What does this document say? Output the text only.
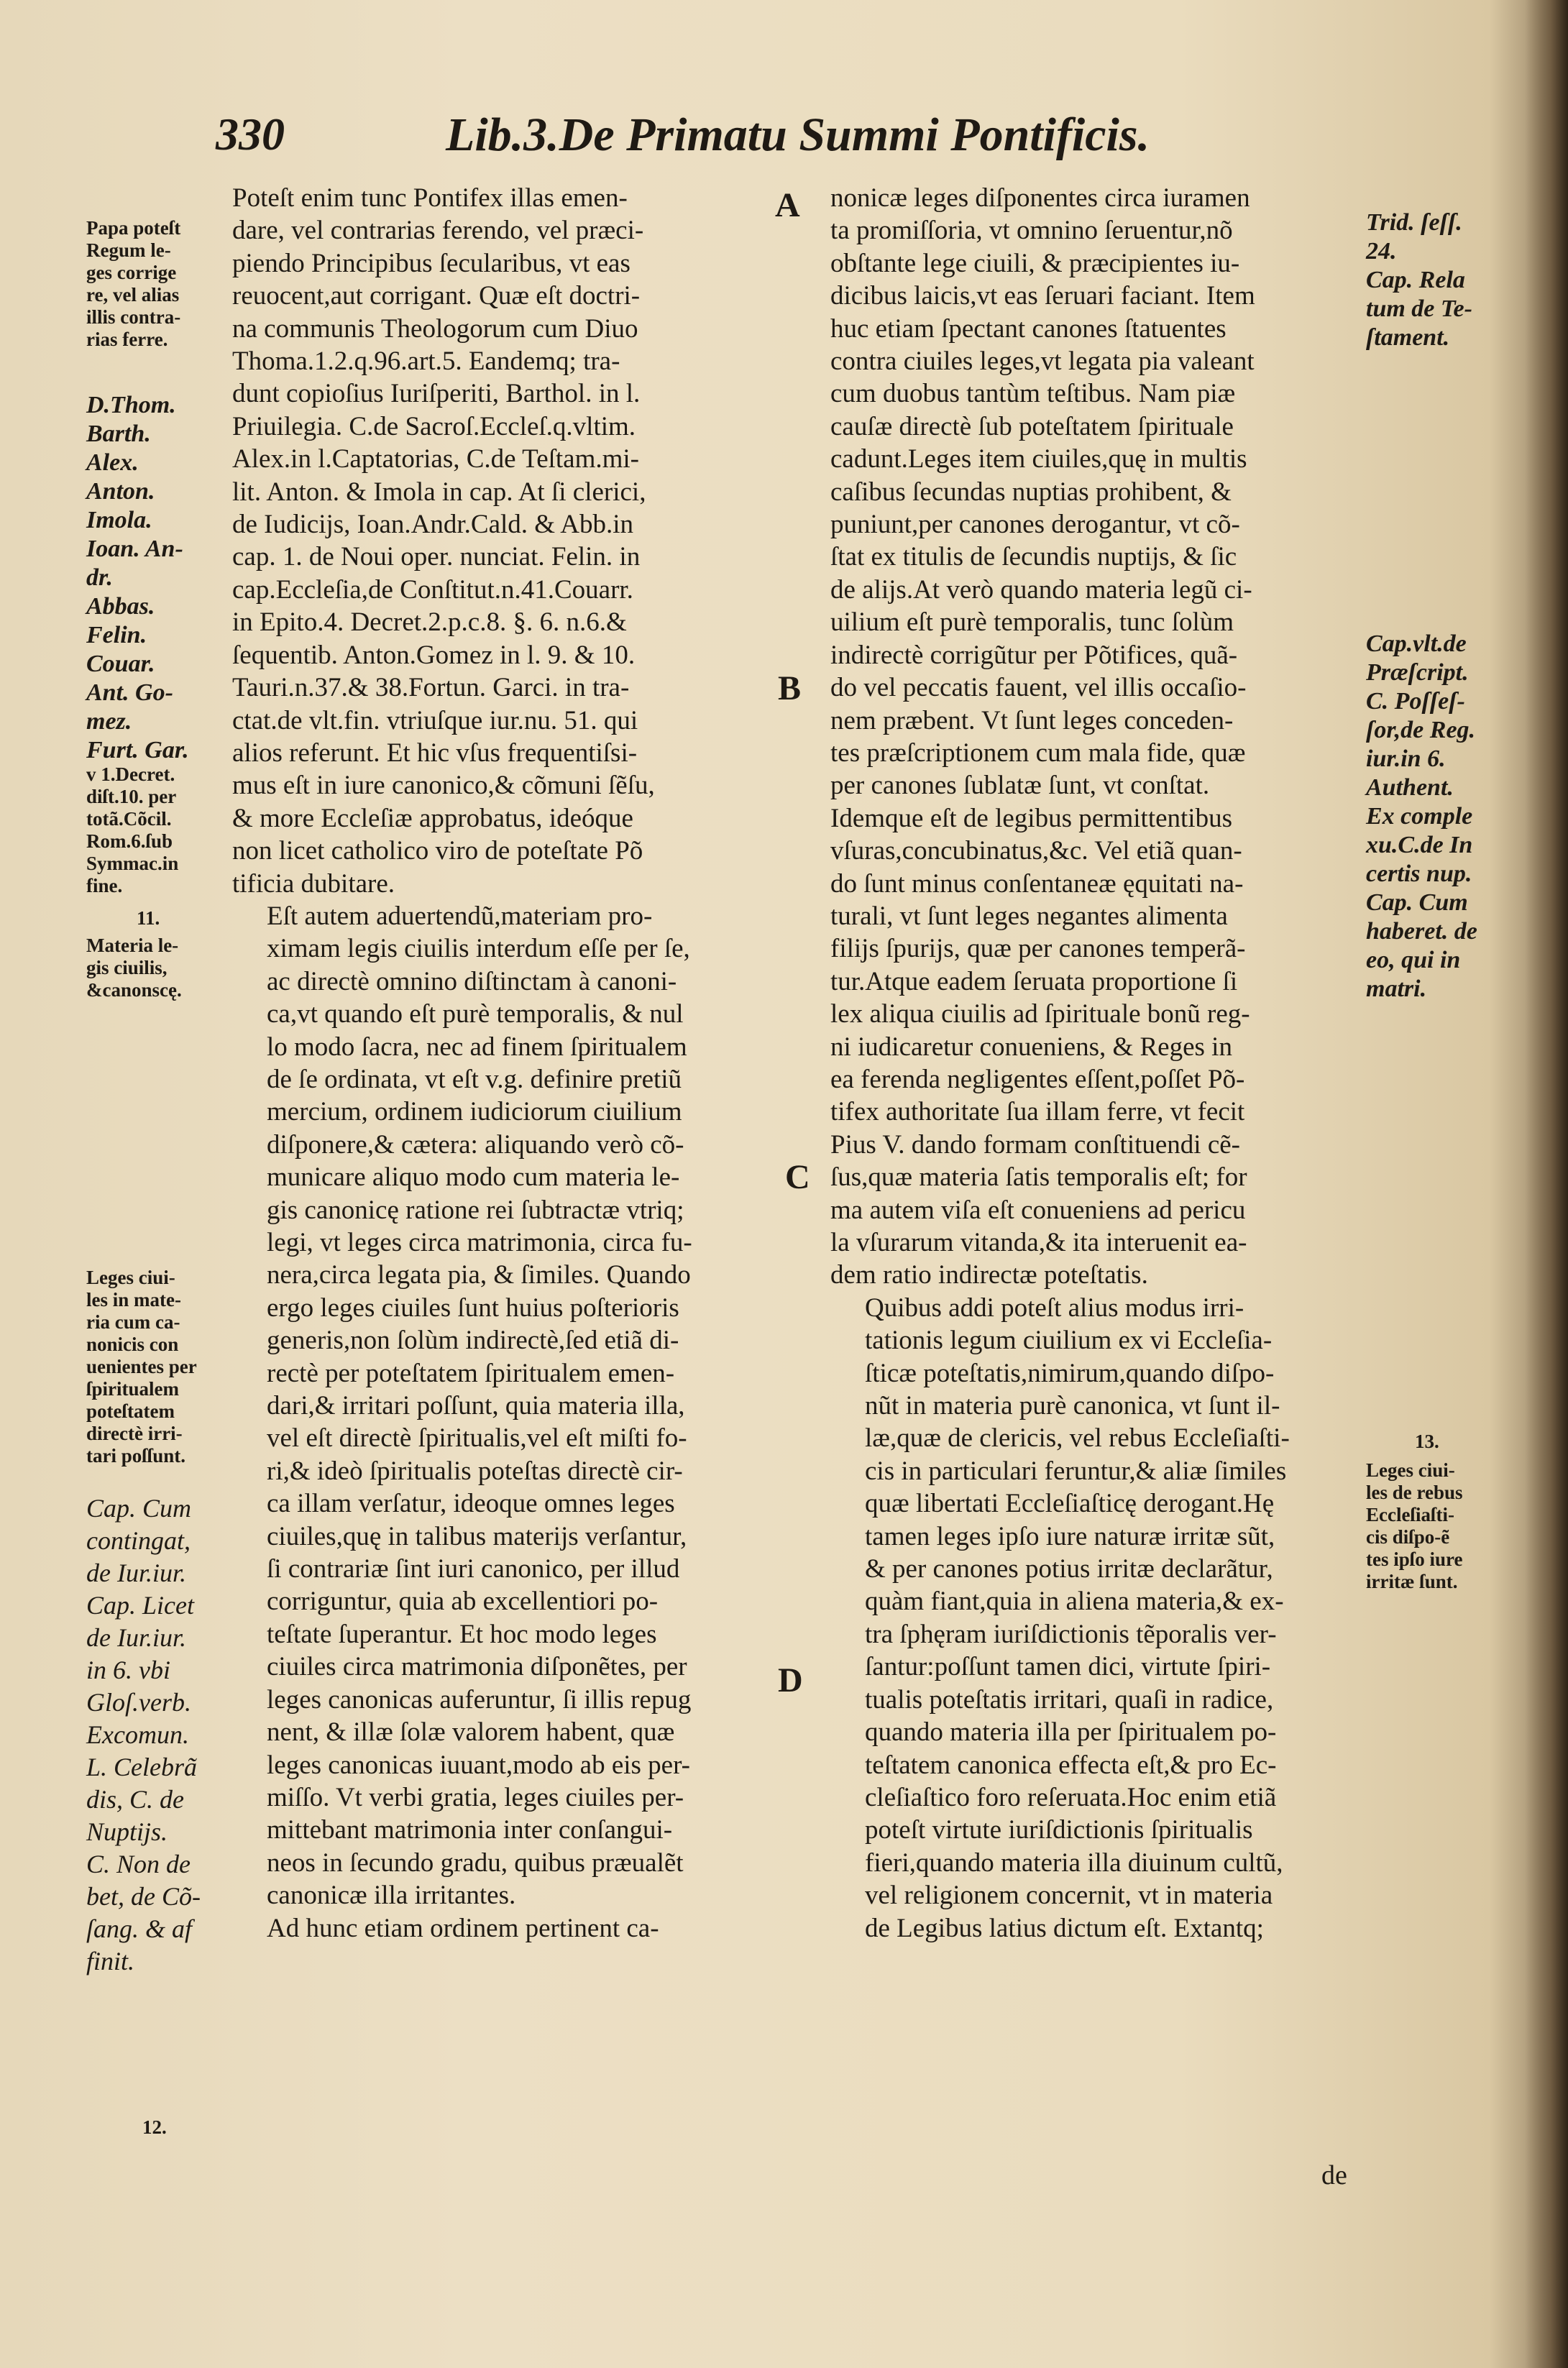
330	Lib.3.De Primatu Summi Pontificis.
A
B
C
D

Poteſt enim tunc Pontifex illas emen-
dare, vel contrarias ferendo, vel præci-
piendo Principibus ſecularibus, vt eas
reuocent,aut corrigant. Quæ eſt doctri-
na communis Theologorum cum Diuo
Thoma.1.2.q.96.art.5. Eandemq; tra-
dunt copioſius Iuriſperiti, Barthol. in l.
Priuilegia. C.de Sacroſ.Eccleſ.q.vltim.
Alex.in l.Captatorias, C.de Teſtam.mi-
lit. Anton. & Imola in cap. At ſi clerici,
de Iudicijs, Ioan.Andr.Cald. & Abb.in
cap. 1. de Noui oper. nunciat. Felin. in
cap.Eccleſia,de Conſtitut.n.41.Couarr.
in Epito.4. Decret.2.p.c.8. §. 6. n.6.&
ſequentib. Anton.Gomez in l. 9. & 10.
Tauri.n.37.& 38.Fortun. Garci. in tra-
ctat.de vlt.fin. vtriuſque iur.nu. 51. qui
alios referunt. Et hic vſus frequentiſsi-
mus eſt in iure canonico,& cõmuni ſẽſu,
& more Eccleſiæ approbatus, ideóque
non licet catholico viro de poteſtate Põ
tificia dubitare.

Eſt autem aduertendũ,materiam pro-
ximam legis ciuilis interdum eſſe per ſe,
ac directè omnino diſtinctam à canoni-
ca,vt quando eſt purè temporalis, & nul
lo modo ſacra, nec ad finem ſpiritualem
de ſe ordinata, vt eſt v.g. definire pretiũ
mercium, ordinem iudiciorum ciuilium
diſponere,& cætera: aliquando verò cõ-
municare aliquo modo cum materia le-
gis canonicę ratione rei ſubtractæ vtriq;
legi, vt leges circa matrimonia, circa fu-
nera,circa legata pia, & ſimiles. Quando
ergo leges ciuiles ſunt huius poſterioris
generis,non ſolùm indirectè,ſed etiã di-
rectè per poteſtatem ſpiritualem emen-
dari,& irritari poſſunt, quia materia illa,
vel eſt directè ſpiritualis,vel eſt miſti fo-
ri,& ideò ſpiritualis poteſtas directè cir-
ca illam verſatur, ideoque omnes leges
ciuiles,quę in talibus materijs verſantur,
ſi contrariæ ſint iuri canonico, per illud
corriguntur, quia ab excellentiori po-
teſtate ſuperantur. Et hoc modo leges
ciuiles circa matrimonia diſponẽtes, per
leges canonicas auferuntur, ſi illis repug
nent, & illæ ſolæ valorem habent, quæ
leges canonicas iuuant,modo ab eis per-
miſſo. Vt verbi gratia, leges ciuiles per-
mittebant matrimonia inter conſangui-
neos in ſecundo gradu, quibus præualẽt
canonicæ illa irritantes.

Ad hunc etiam ordinem pertinent ca-

nonicæ leges diſponentes circa iuramen
ta promiſſoria, vt omnino ſeruentur,nõ
obſtante lege ciuili, & præcipientes iu-
dicibus laicis,vt eas ſeruari faciant. Item
huc etiam ſpectant canones ſtatuentes
contra ciuiles leges,vt legata pia valeant
cum duobus tantùm teſtibus. Nam piæ
cauſæ directè ſub poteſtatem ſpirituale
cadunt.Leges item ciuiles,quę in multis
caſibus ſecundas nuptias prohibent, &
puniunt,per canones derogantur, vt cõ-
ſtat ex titulis de ſecundis nuptijs, & ſic
de alijs.At verò quando materia legũ ci-
uilium eſt purè temporalis, tunc ſolùm
indirectè corrigũtur per Põtifices, quã-
do vel peccatis fauent, vel illis occaſio-
nem præbent. Vt ſunt leges conceden-
tes præſcriptionem cum mala fide, quæ
per canones ſublatæ ſunt, vt conſtat.
Idemque eſt de legibus permittentibus
vſuras,concubinatus,&c. Vel etiã quan-
do ſunt minus conſentaneæ ęquitati na-
turali, vt ſunt leges negantes alimenta
filijs ſpurijs, quæ per canones temperã-
tur.Atque eadem ſeruata proportione ſi
lex aliqua ciuilis ad ſpirituale bonũ reg-
ni iudicaretur conueniens, & Reges in
ea ferenda negligentes eſſent,poſſet Põ-
tifex authoritate ſua illam ferre, vt fecit
Pius V. dando formam conſtituendi cẽ-
ſus,quæ materia ſatis temporalis eſt; for
ma autem viſa eſt conueniens ad pericu
la vſurarum vitanda,& ita interuenit ea-
dem ratio indirectæ poteſtatis.

Quibus addi poteſt alius modus irri-
tationis legum ciuilium ex vi Eccleſia-
ſticæ poteſtatis,nimirum,quando diſpo-
nũt in materia purè canonica, vt ſunt il-
læ,quæ de clericis, vel rebus Eccleſiaſti-
cis in particulari feruntur,& aliæ ſimiles
quæ libertati Eccleſiaſticę derogant.Hę
tamen leges ipſo iure naturæ irritæ sũt,
& per canones potius irritæ declarãtur,
quàm fiant,quia in aliena materia,& ex-
tra ſphęram iuriſdictionis tẽporalis ver-
ſantur:poſſunt tamen dici, virtute ſpiri-
tualis poteſtatis irritari, quaſi in radice,
quando materia illa per ſpiritualem po-
teſtatem canonica effecta eſt,& pro Ec-
cleſiaſtico foro reſeruata.Hoc enim etiã
poteſt virtute iuriſdictionis ſpiritualis
fieri,quando materia illa diuinum cultũ,
vel religionem concernit, vt in materia
de Legibus latius dictum eſt. Extantq;

de
Papa poteſt
Regum le-
ges corrige
re, vel alias
illis contra-
rias ferre.
D.Thom.
Barth.
Alex.
Anton.
Imola.
Ioan. An-
dr.
Abbas.
Felin.
Couar.
Ant. Go-
mez.
Furt. Gar.
v 1.Decret.
diſt.10. per
totã.Cõcil.
Rom.6.ſub
Symmac.in
fine.
11.
Materia le-
gis ciuilis,
&canonscę.
Leges ciui-
les in mate-
ria cum ca-
nonicis con
uenientes per
ſpiritualem
poteſtatem
directè irri-
tari poſſunt.
Cap. Cum
contingat,
de Iur.iur.
Cap. Licet
de Iur.iur.
in 6. vbi
Gloſ.verb.
Excomun.
L. Celebrã
dis, C. de
Nuptijs.
C. Non de
bet, de Cõ-
ſang. & af
finit.
12.
Trid. ſeſſ.
24.
Cap. Rela
tum de Te-
ſtament.
Cap.vlt.de
Præſcript.
C. Poſſeſ-
ſor,de Reg.
iur.in 6.
Authent.
Ex comple
xu.C.de In
certis nup.
Cap. Cum
haberet. de
eo, qui in
matri.
13.
Leges ciui-
les de rebus
Eccleſiaſti-
cis diſpo-ẽ
tes ipſo iure
irritæ ſunt.
